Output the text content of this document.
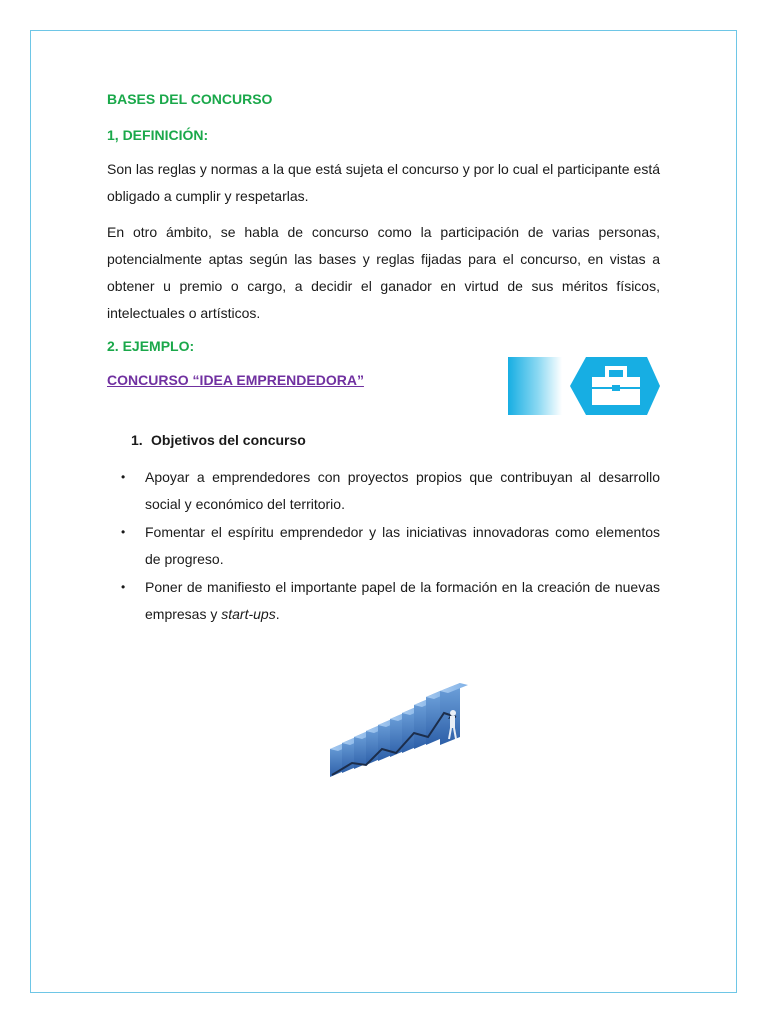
BASES DEL CONCURSO
1, DEFINICIÓN:

Son las reglas y normas a la que está sujeta el concurso y por lo cual el participante está obligado a cumplir y respetarlas.

En otro ámbito, se habla de concurso como la participación de varias personas, potencialmente aptas según las bases y reglas fijadas para el concurso, en vistas a obtener u premio o cargo, a decidir el ganador en virtud de sus méritos físicos, intelectuales o artísticos.

2. EJEMPLO:
CONCURSO “IDEA EMPRENDEDORA”

1. Objetivos del concurso

• Apoyar a emprendedores con proyectos propios que contribuyan al desarrollo social y económico del territorio.
• Fomentar el espíritu emprendedor y las iniciativas innovadoras como elementos de progreso.
• Poner de manifiesto el importante papel de la formación en la creación de nuevas empresas y start-ups.
